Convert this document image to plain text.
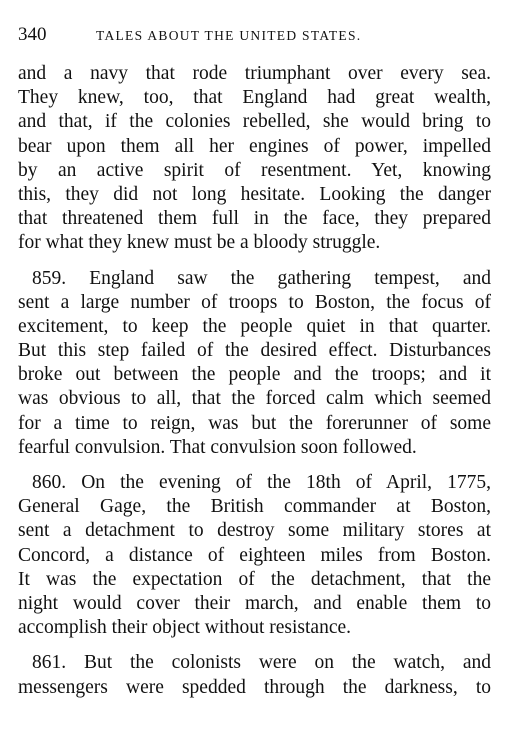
340	TALES ABOUT THE UNITED STATES.
and a navy that rode triumphant over every sea.
They knew, too, that England had great wealth,
and that, if the colonies rebelled, she would bring to
bear upon them all her engines of power, impelled
by an active spirit of resentment. Yet, knowing
this, they did not long hesitate. Looking the danger
that threatened them full in the face, they prepared
for what they knew must be a bloody struggle.
859. England saw the gathering tempest, and
sent a large number of troops to Boston, the focus of
excitement, to keep the people quiet in that quarter.
But this step failed of the desired effect. Disturbances
broke out between the people and the troops; and it
was obvious to all, that the forced calm which seemed
for a time to reign, was but the forerunner of some
fearful convulsion. That convulsion soon followed.
860. On the evening of the 18th of April, 1775,
General Gage, the British commander at Boston,
sent a detachment to destroy some military stores at
Concord, a distance of eighteen miles from Boston.
It was the expectation of the detachment, that the
night would cover their march, and enable them to
accomplish their object without resistance.
861. But the colonists were on the watch, and
messengers were spedded through the darkness, to
